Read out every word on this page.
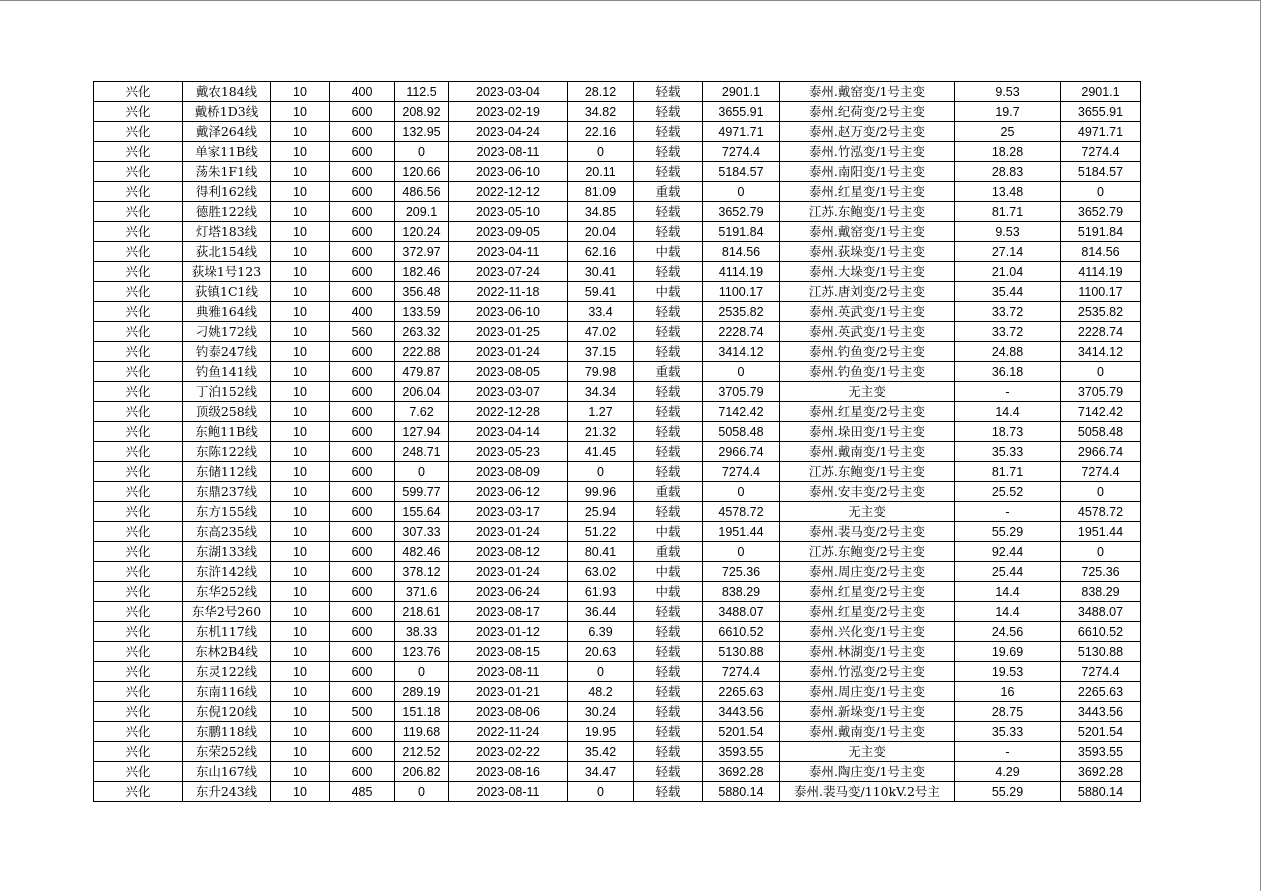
兴化	戴农184线	10	400	112.5	2023-03-04	28.12	轻载	2901.1	泰州.戴窑变/1号主变	9.53	2901.1
兴化	戴桥1D3线	10	600	208.92	2023-02-19	34.82	轻载	3655.91	泰州.纪荷变/2号主变	19.7	3655.91
兴化	戴泽264线	10	600	132.95	2023-04-24	22.16	轻载	4971.71	泰州.赵万变/2号主变	25	4971.71
兴化	单家11B线	10	600	0	2023-08-11	0	轻载	7274.4	泰州.竹泓变/1号主变	18.28	7274.4
兴化	荡朱1F1线	10	600	120.66	2023-06-10	20.11	轻载	5184.57	泰州.南阳变/1号主变	28.83	5184.57
兴化	得利162线	10	600	486.56	2022-12-12	81.09	重载	0	泰州.红星变/1号主变	13.48	0
兴化	德胜122线	10	600	209.1	2023-05-10	34.85	轻载	3652.79	江苏.东鲍变/1号主变	81.71	3652.79
兴化	灯塔183线	10	600	120.24	2023-09-05	20.04	轻载	5191.84	泰州.戴窑变/1号主变	9.53	5191.84
兴化	荻北154线	10	600	372.97	2023-04-11	62.16	中载	814.56	泰州.荻垛变/1号主变	27.14	814.56
兴化	荻垛1号123	10	600	182.46	2023-07-24	30.41	轻载	4114.19	泰州.大垛变/1号主变	21.04	4114.19
兴化	荻镇1C1线	10	600	356.48	2022-11-18	59.41	中载	1100.17	江苏.唐刘变/2号主变	35.44	1100.17
兴化	典雅164线	10	400	133.59	2023-06-10	33.4	轻载	2535.82	泰州.英武变/1号主变	33.72	2535.82
兴化	刁姚172线	10	560	263.32	2023-01-25	47.02	轻载	2228.74	泰州.英武变/1号主变	33.72	2228.74
兴化	钓泰247线	10	600	222.88	2023-01-24	37.15	轻载	3414.12	泰州.钓鱼变/2号主变	24.88	3414.12
兴化	钓鱼141线	10	600	479.87	2023-08-05	79.98	重载	0	泰州.钓鱼变/1号主变	36.18	0
兴化	丁泊152线	10	600	206.04	2023-03-07	34.34	轻载	3705.79	无主变	-	3705.79
兴化	顶级258线	10	600	7.62	2022-12-28	1.27	轻载	7142.42	泰州.红星变/2号主变	14.4	7142.42
兴化	东鲍11B线	10	600	127.94	2023-04-14	21.32	轻载	5058.48	泰州.垛田变/1号主变	18.73	5058.48
兴化	东陈122线	10	600	248.71	2023-05-23	41.45	轻载	2966.74	泰州.戴南变/1号主变	35.33	2966.74
兴化	东储112线	10	600	0	2023-08-09	0	轻载	7274.4	江苏.东鲍变/1号主变	81.71	7274.4
兴化	东鼎237线	10	600	599.77	2023-06-12	99.96	重载	0	泰州.安丰变/2号主变	25.52	0
兴化	东方155线	10	600	155.64	2023-03-17	25.94	轻载	4578.72	无主变	-	4578.72
兴化	东高235线	10	600	307.33	2023-01-24	51.22	中载	1951.44	泰州.裴马变/2号主变	55.29	1951.44
兴化	东湖133线	10	600	482.46	2023-08-12	80.41	重载	0	江苏.东鲍变/2号主变	92.44	0
兴化	东浒142线	10	600	378.12	2023-01-24	63.02	中载	725.36	泰州.周庄变/2号主变	25.44	725.36
兴化	东华252线	10	600	371.6	2023-06-24	61.93	中载	838.29	泰州.红星变/2号主变	14.4	838.29
兴化	东华2号260	10	600	218.61	2023-08-17	36.44	轻载	3488.07	泰州.红星变/2号主变	14.4	3488.07
兴化	东机117线	10	600	38.33	2023-01-12	6.39	轻载	6610.52	泰州.兴化变/1号主变	24.56	6610.52
兴化	东林2B4线	10	600	123.76	2023-08-15	20.63	轻载	5130.88	泰州.林湖变/1号主变	19.69	5130.88
兴化	东灵122线	10	600	0	2023-08-11	0	轻载	7274.4	泰州.竹泓变/2号主变	19.53	7274.4
兴化	东南116线	10	600	289.19	2023-01-21	48.2	轻载	2265.63	泰州.周庄变/1号主变	16	2265.63
兴化	东倪120线	10	500	151.18	2023-08-06	30.24	轻载	3443.56	泰州.新垛变/1号主变	28.75	3443.56
兴化	东鹏118线	10	600	119.68	2022-11-24	19.95	轻载	5201.54	泰州.戴南变/1号主变	35.33	5201.54
兴化	东荣252线	10	600	212.52	2023-02-22	35.42	轻载	3593.55	无主变	-	3593.55
兴化	东山167线	10	600	206.82	2023-08-16	34.47	轻载	3692.28	泰州.陶庄变/1号主变	4.29	3692.28
兴化	东升243线	10	485	0	2023-08-11	0	轻载	5880.14	泰州.裴马变/110kV.2号主	55.29	5880.14
